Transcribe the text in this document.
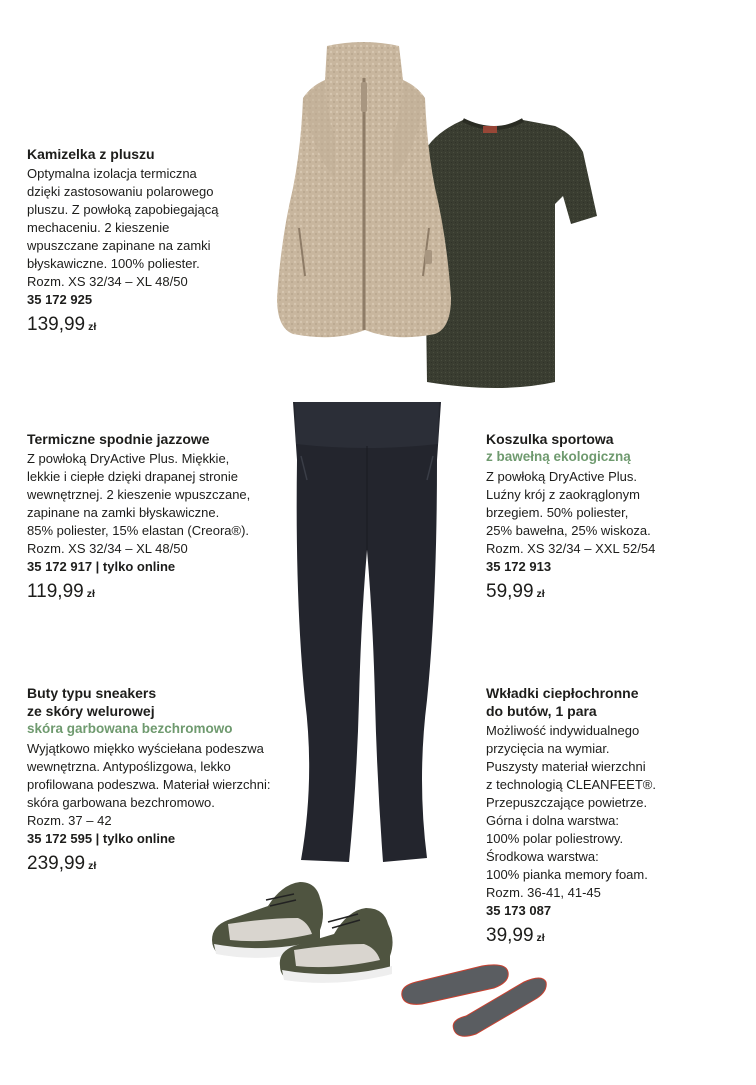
Kamizelka z pluszu
Optymalna izolacja termiczna
dzięki zastosowaniu polarowego
pluszu. Z powłoką zapobiegającą
mechaceniu. 2 kieszenie
wpuszczane zapinane na zamki
błyskawiczne. 100% poliester.
Rozm. XS 32/34 – XL 48/50
35 172 925
139,99 zł
Termiczne spodnie jazzowe
Z powłoką DryActive Plus. Miękkie,
lekkie i ciepłe dzięki drapanej stronie
wewnętrznej. 2 kieszenie wpuszczane,
zapinane na zamki błyskawiczne.
85% poliester, 15% elastan (Creora®).
Rozm. XS 32/34 – XL 48/50
35 172 917 | tylko online
119,99 zł
Koszulka sportowa
z bawełną ekologiczną
Z powłoką DryActive Plus.
Luźny krój z zaokrąglonym
brzegiem. 50% poliester,
25% bawełna, 25% wiskoza.
Rozm. XS 32/34 – XXL 52/54
35 172 913
59,99 zł
Buty typu sneakers
ze skóry welurowej
skóra garbowana bezchromowo
Wyjątkowo miękko wyściełana podeszwa
wewnętrzna. Antypoślizgowa, lekko
profilowana podeszwa. Materiał wierzchni:
skóra garbowana bezchromowo.
Rozm. 37 – 42
35 172 595 | tylko online
239,99 zł
Wkładki ciepłochronne
do butów, 1 para
Możliwość indywidualnego
przycięcia na wymiar.
Puszysty materiał wierzchni
z technologią CLEANFEET®.
Przepuszczające powietrze.
Górna i dolna warstwa:
100% polar poliestrowy.
Środkowa warstwa:
100% pianka memory foam.
Rozm. 36-41, 41-45
35 173 087
39,99 zł
